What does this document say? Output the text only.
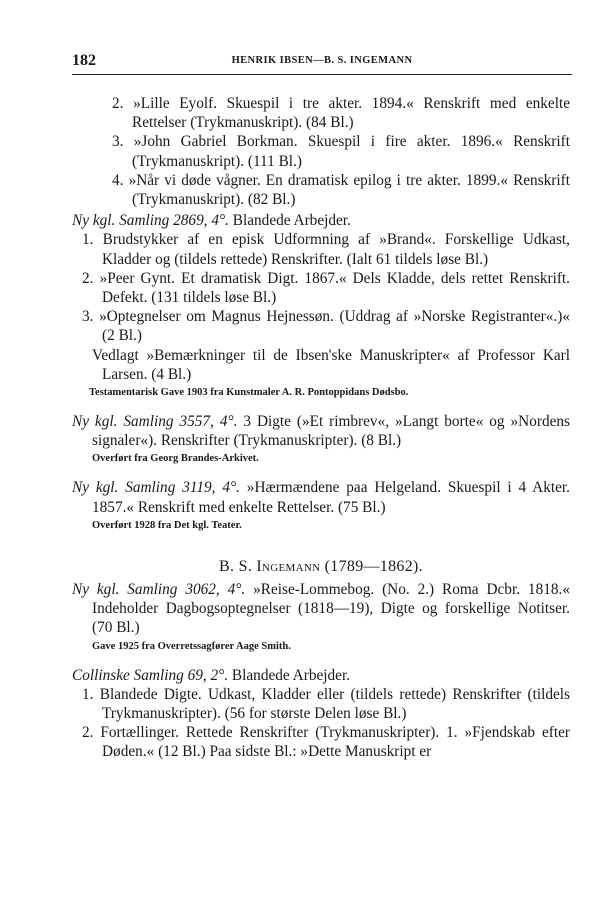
182	HENRIK IBSEN—B. S. INGEMANN

2. »Lille Eyolf. Skuespil i tre akter. 1894.« Renskrift med enkelte Rettelser (Trykmanuskript). (84 Bl.)

3. »John Gabriel Borkman. Skuespil i fire akter. 1896.« Renskrift (Trykmanuskript). (111 Bl.)

4. »Når vi døde vågner. En dramatisk epilog i tre akter. 1899.« Renskrift (Trykmanuskript). (82 Bl.)

Ny kgl. Samling 2869, 4°. Blandede Arbejder.

1. Brudstykker af en episk Udformning af »Brand«. Forskellige Udkast, Kladder og (tildels rettede) Renskrifter. (Ialt 61 tildels løse Bl.)

2. »Peer Gynt. Et dramatisk Digt. 1867.« Dels Kladde, dels rettet Renskrift. Defekt. (131 tildels løse Bl.)

3. »Optegnelser om Magnus Hejnessøn. (Uddrag af »Norske Registranter«.)« (2 Bl.)

Vedlagt »Bemærkninger til de Ibsen'ske Manuskripter« af Professor Karl Larsen. (4 Bl.)

Testamentarisk Gave 1903 fra Kunstmaler A. R. Pontoppidans Dødsbo.

Ny kgl. Samling 3557, 4°. 3 Digte (»Et rimbrev«, »Langt borte« og »Nordens signaler«). Renskrifter (Trykmanuskripter). (8 Bl.)

Overført fra Georg Brandes-Arkivet.

Ny kgl. Samling 3119, 4°. »Hærmændene paa Helgeland. Skuespil i 4 Akter. 1857.« Renskrift med enkelte Rettelser. (75 Bl.)

Overført 1928 fra Det kgl. Teater.

B. S. Ingemann (1789—1862).

Ny kgl. Samling 3062, 4°. »Reise-Lommebog. (No. 2.) Roma Dcbr. 1818.« Indeholder Dagbogsoptegnelser (1818—19), Digte og forskellige Notitser. (70 Bl.)

Gave 1925 fra Overretssagfører Aage Smith.

Collinske Samling 69, 2°. Blandede Arbejder.

1. Blandede Digte. Udkast, Kladder eller (tildels rettede) Renskrifter (tildels Trykmanuskripter). (56 for største Delen løse Bl.)

2. Fortællinger. Rettede Renskrifter (Trykmanuskripter). 1. »Fjendskab efter Døden.« (12 Bl.) Paa sidste Bl.: »Dette Manuskript er
